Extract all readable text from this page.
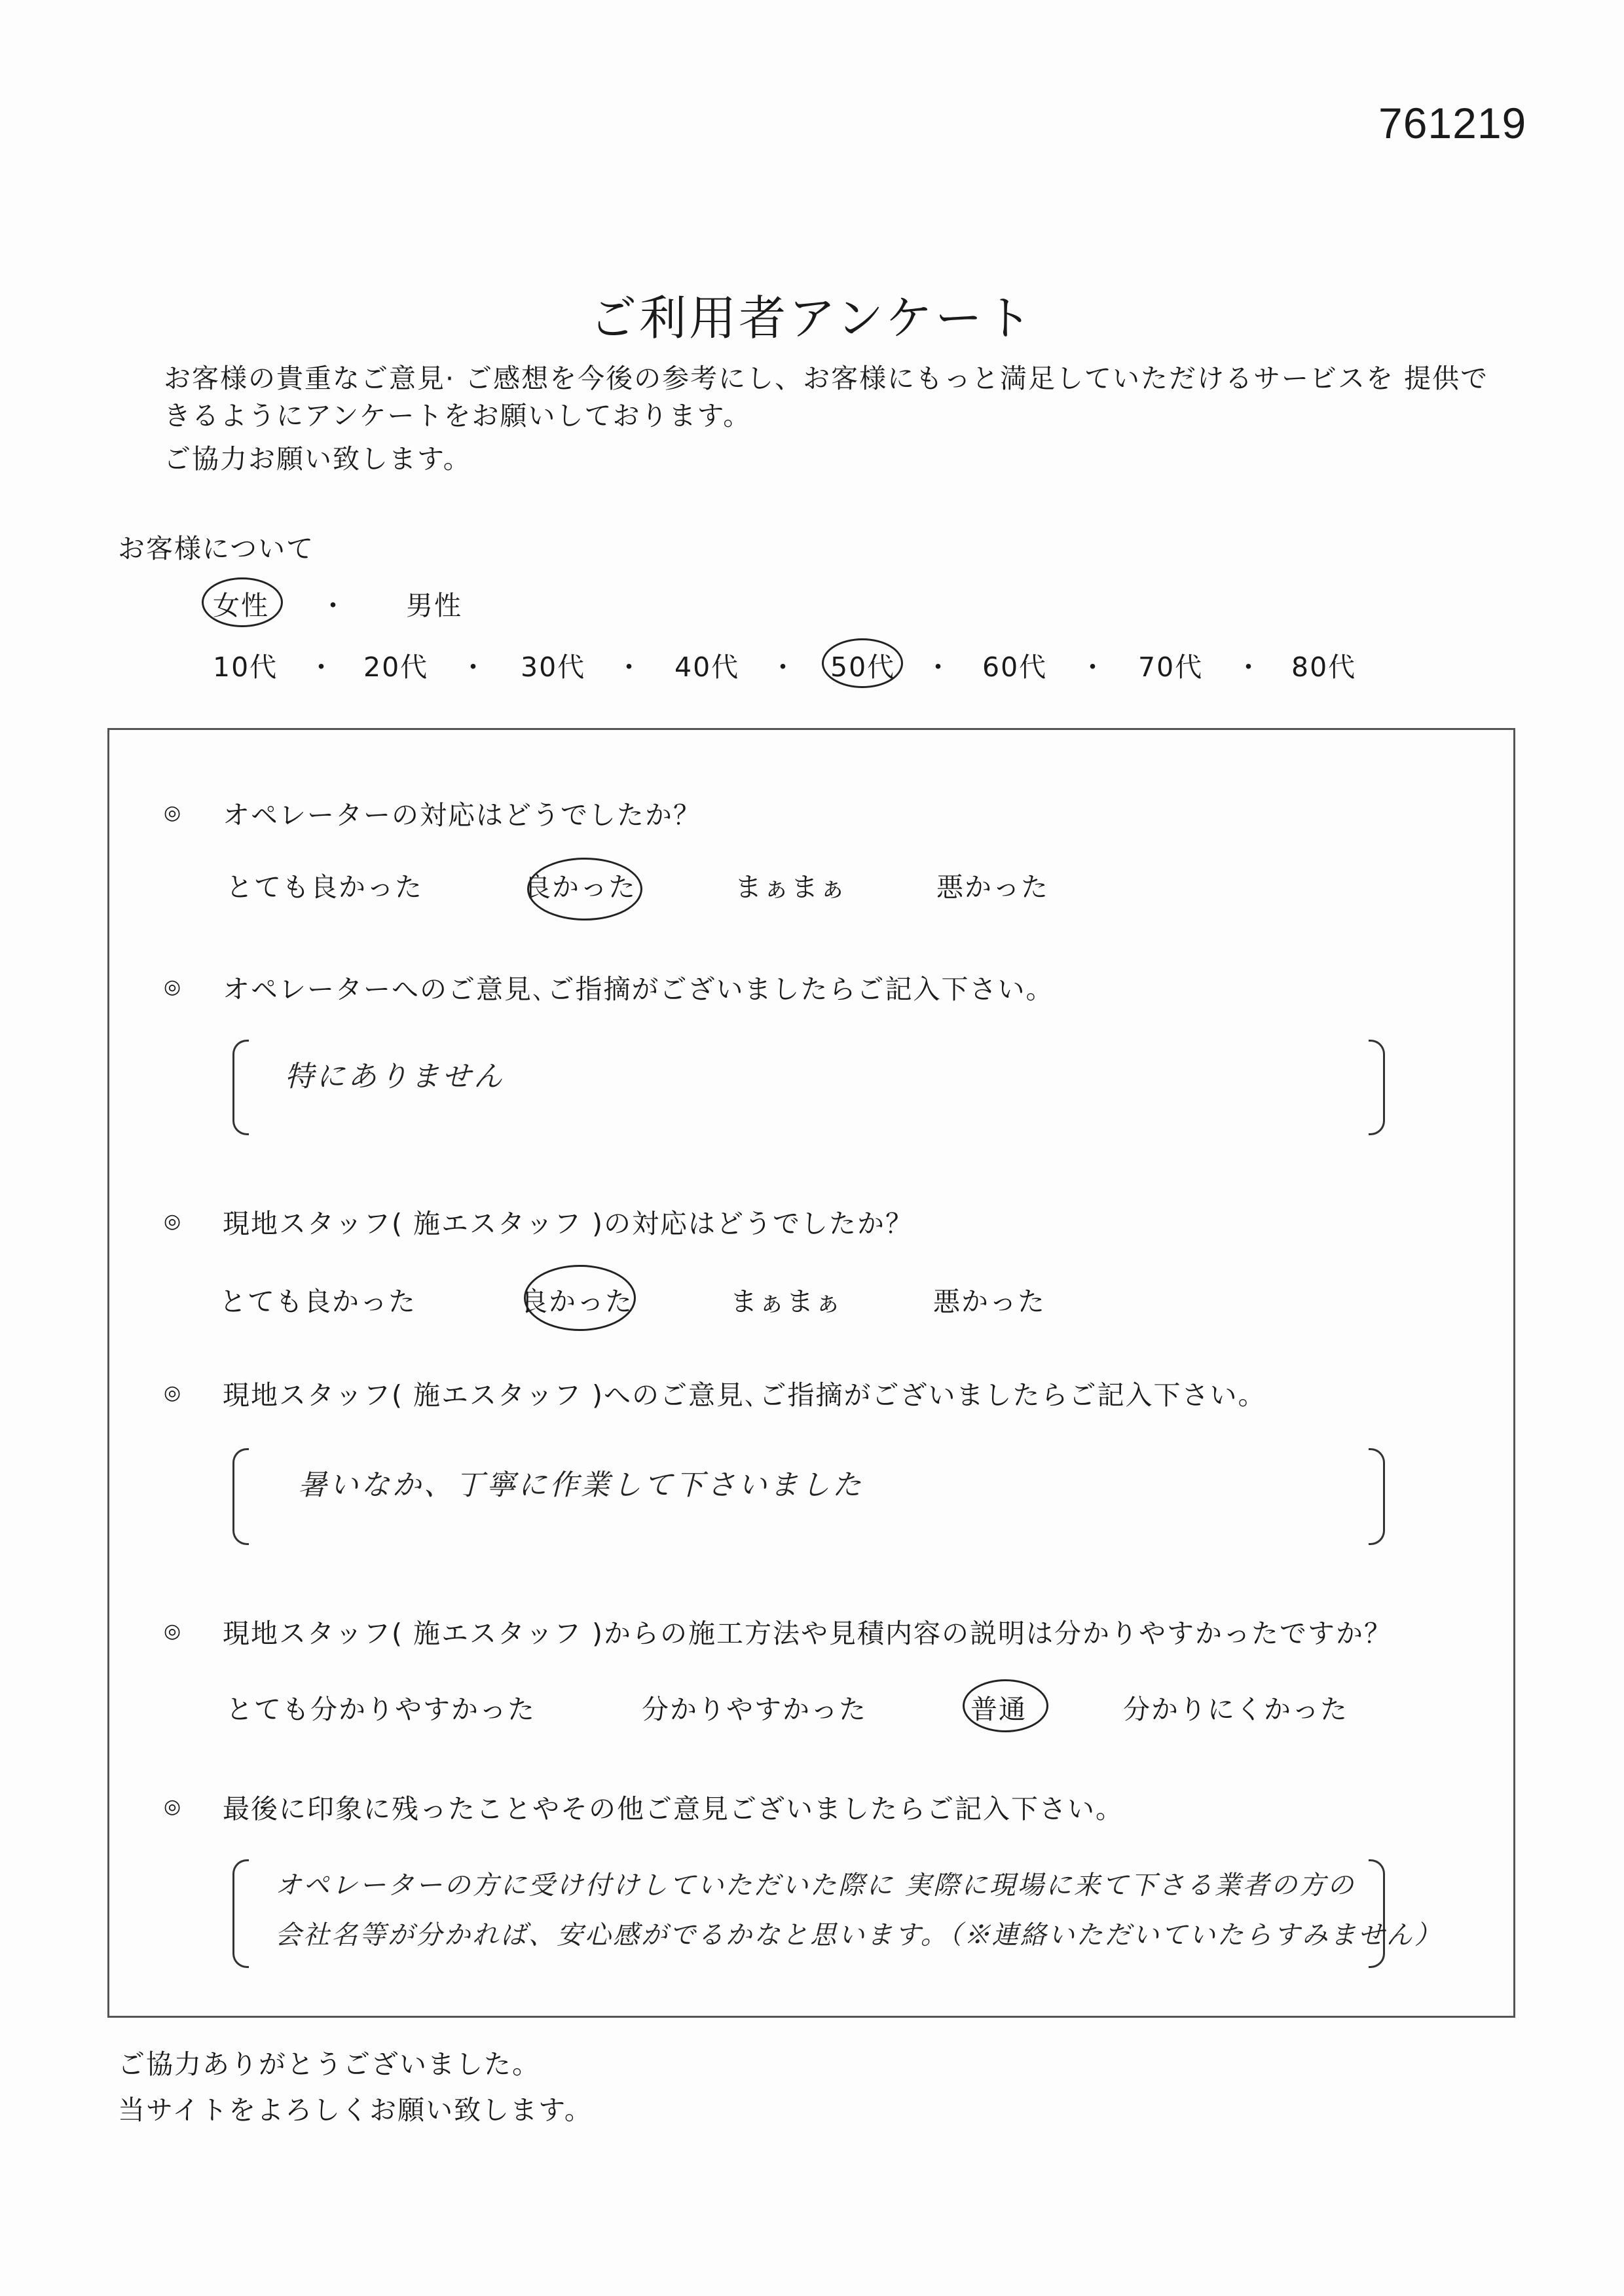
761219
ご利用者アンケート
お客様の貴重なご意見· ご感想を今後の参考にし、お客様にもっと満足していただけるサービスを 提供で
きるようにアンケートをお願いしております。
ご協力お願い致します。
お客様について
女性 ・ 男性
10代 ・ 20代 ・ 30代 ・ 40代 ・ 50代 ・ 60代 ・ 70代 ・ 80代
◎ オペレーターの対応はどうでしたか？
とても良かった	良かった	まぁまぁ	悪かった
◎ オペレーターへのご意見､ご指摘がございましたらご記入下さい。
特にありません
◎ 現地スタッフ( 施エスタッフ )の対応はどうでしたか？
とても良かった	良かった	まぁまぁ	悪かった
◎ 現地スタッフ( 施エスタッフ )へのご意見､ご指摘がございましたらご記入下さい。
暑いなか、丁寧に作業して下さいました
◎ 現地スタッフ( 施エスタッフ )からの施工方法や見積内容の説明は分かりやすかったですか？
とても分かりやすかった	分かりやすかった	普通	分かりにくかった
◎ 最後に印象に残ったことやその他ご意見ございましたらご記入下さい。
オペレーターの方に受け付けしていただいた際に 実際に現場に来て下さる業者の方の
会社名等が分かれば、安心感がでるかなと思います。（※連絡いただいていたらすみません）
ご協力ありがとうございました。
当サイトをよろしくお願い致します。
